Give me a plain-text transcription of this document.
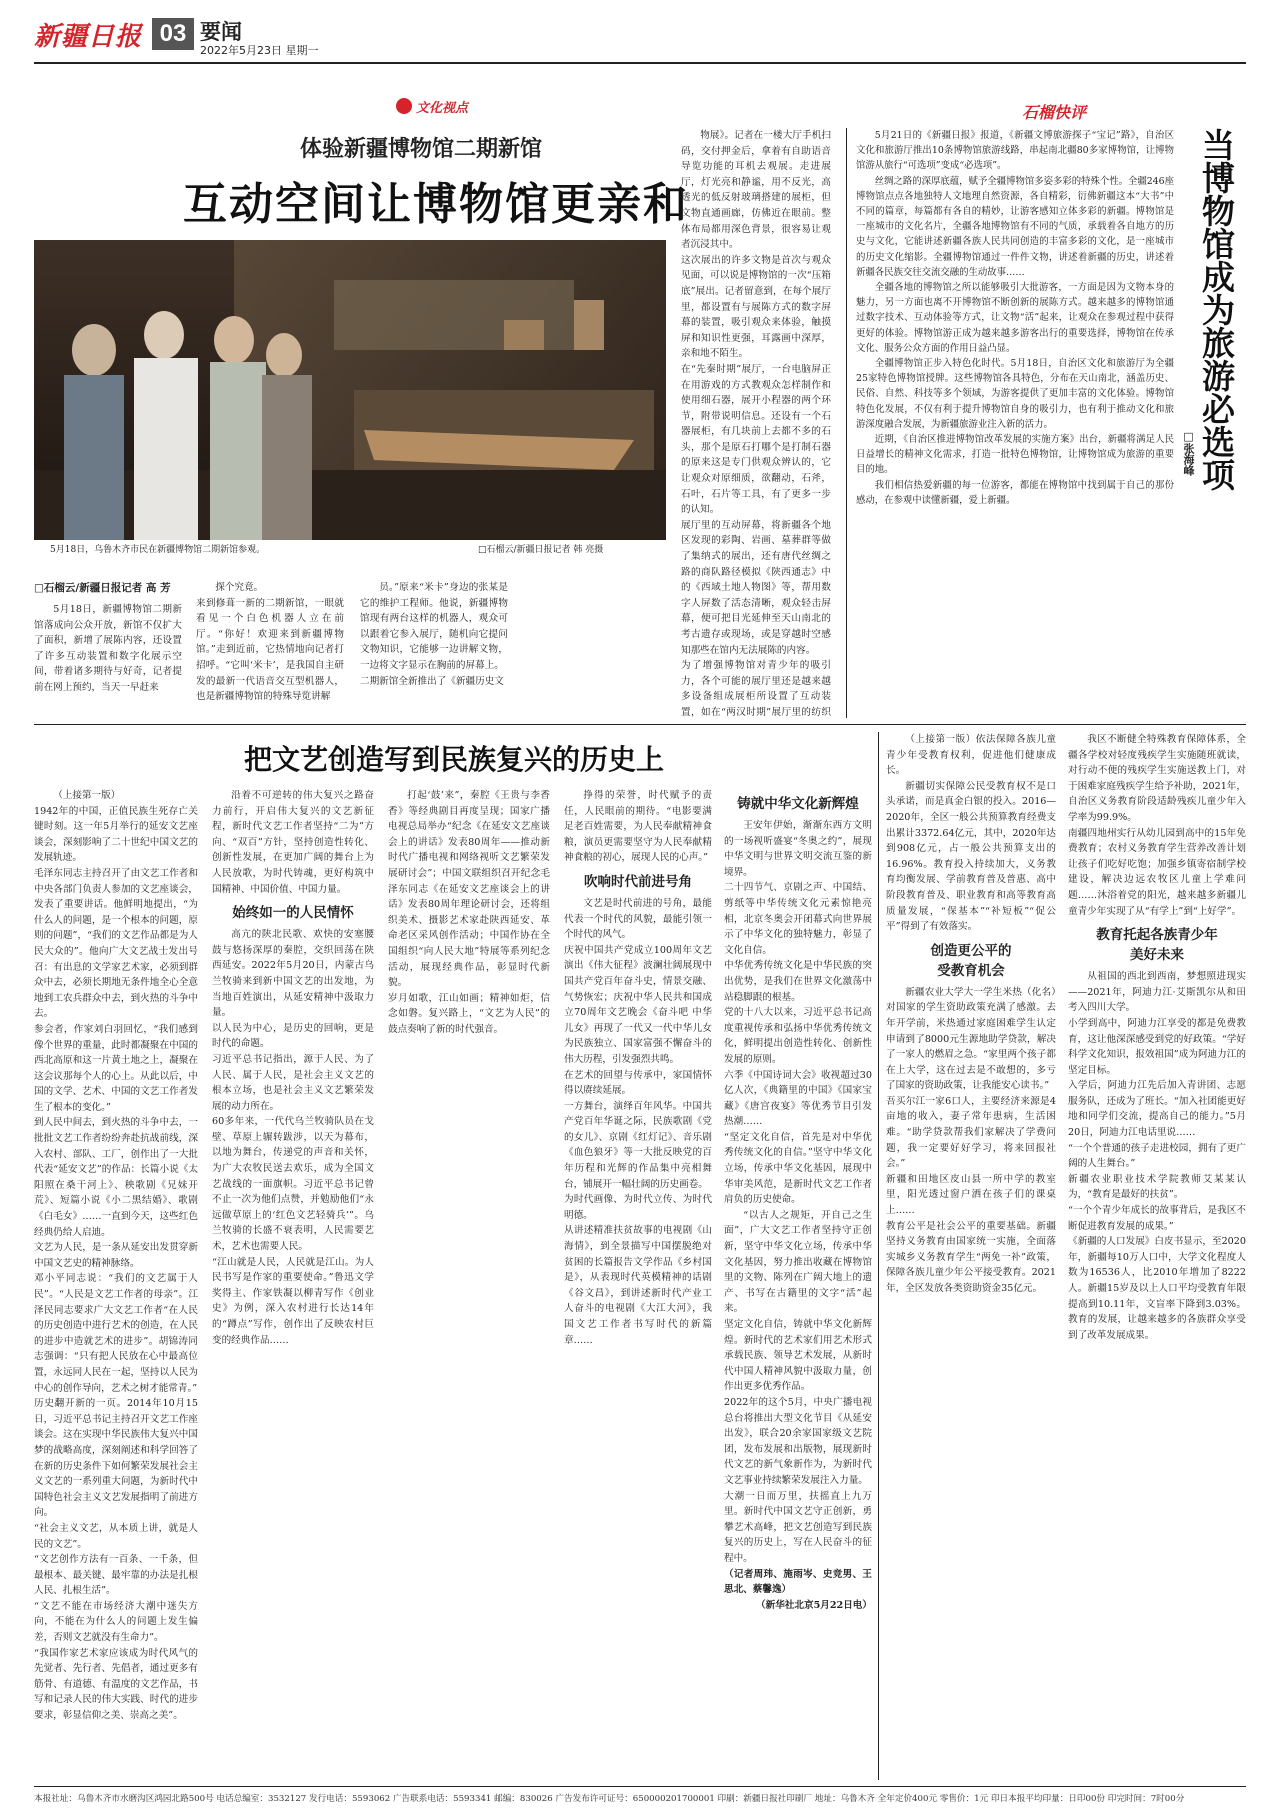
新疆日报 03 要闻
2022年5月23日 星期一
文化视点
体验新疆博物馆二期新馆
互动空间让博物馆更亲和
5月18日，乌鲁木齐市民在新疆博物馆二期新馆参观。	□石榴云/新疆日报记者 韩 亮摄
□石榴云/新疆日报记者 高 芳

5月18日，新疆博物馆二期新馆落成向公众开放，新馆不仅扩大了面积，新增了展陈内容，还设置了许多互动装置和数字化展示空间，带着诸多期待与好奇，记者提前在网上预约，当天一早赶来

探个究竟。
来到修葺一新的二期新馆，一眼就看见一个白色机器人立在前厅。“你好！欢迎来到新疆博物馆。”走到近前，它热情地向记者打招呼。“它叫‘米卡’，是我国自主研发的最新一代语音交互型机器人，也是新疆博物馆的特殊导览讲解

员。”原来“米卡”身边的张某是它的维护工程师。他说，新疆博物馆现有两台这样的机器人，观众可以跟着它参入展厅，随机向它提问文物知识，它能够一边讲解文物，一边将文字显示在胸前的屏幕上。
二期新馆全新推出了《新疆历史文

物展》。记者在一楼大厅手机扫码，交付押金后，拿着有自助语音导览功能的耳机去观展。走进展厅，灯光亮和静谧，用不反光，高透光的低反射玻璃搭建的展柜，但文物直通画廊，仿佛近在眼前。整体布局都用深色背景，很容易让观者沉浸其中。
这次展出的许多文物是首次与观众见面，可以说是博物馆的一次“压箱底”展出。记者留意到，在每个展厅里，都设置有与展陈方式的数字屏幕的装置，吸引观众来体验，触摸屏和知识性更强，耳露画中深厚，亲和地不陌生。
在“先秦时期”展厅，一台电脑屏正在用游戏的方式教观众怎样制作和使用细石器，展开小程器的两个环节，附带说明信息。还设有一个石器展柜，有几块前上去都不多的石头，那个是原石打哪个是打制石器的原来这是专门供观众辨认的，它让观众对原细质，欲翻动，石斧，石叶，石片等工具，有了更多一步的认知。
展厅里的互动屏幕，将新疆各个地区发现的彩陶、岩画、墓葬群等做了集纳式的展出，还有唐代丝绸之路的商队路径模拟《陕西通志》中的《西域土地人物图》等，帮用数字人屏数了活态清晰，观众轻击屏幕，便可把目光延伸至天山南北的考古遗存或现场，或是穿越时空感知那些在馆内无法展陈的内容。
为了增强博物馆对青少年的吸引力，各个可能的展厅里还是越来越多设备组成展柜所设置了互动装置，如在“两汉时期”展厅里的纺织

石榴快评

5月21日的《新疆日报》报道，《新疆文博旅游探子“宝记”路》，自治区文化和旅游厅推出10条博物馆旅游线路，串起南北疆80多家博物馆，让博物馆游从旅行“可选项”变成“必选项”。

丝绸之路的深厚底蕴，赋予全疆博物馆多姿多彩的特殊个性。全疆246座博物馆点点各地独特人文地理自然资源，各自精彩，衍佛新疆这本“大书”中不同的篇章，每篇都有各自的精妙，让游客感知立体多彩的新疆。博物馆是一座城市的文化名片，全疆各地博物馆有不同的气质，承载着各自地方的历史与文化，它能讲述新疆各族人民共同创造的丰富多彩的文化，是一座城市的历史文化缩影。全疆博物馆通过一件件文物，讲述着新疆的历史，讲述着新疆各民族交往交流交融的生动故事……

全疆各地的博物馆之所以能够吸引大批游客，一方面是因为文物本身的魅力，另一方面也离不开博物馆不断创新的展陈方式。越来越多的博物馆通过数字技术、互动体验等方式，让文物“活”起来，让观众在参观过程中获得更好的体验。博物馆游正成为越来越多游客出行的重要选择，博物馆在传承文化、服务公众方面的作用日益凸显。

全疆博物馆正步入特色化时代。5月18日，自治区文化和旅游厅为全疆25家特色博物馆授牌。这些博物馆各具特色，分布在天山南北，涵盖历史、民俗、自然、科技等多个领域，为游客提供了更加丰富的文化体验。博物馆特色化发展，不仅有利于提升博物馆自身的吸引力，也有利于推动文化和旅游深度融合发展，为新疆旅游业注入新的活力。

近期，《自治区推进博物馆改革发展的实施方案》出台，新疆将满足人民日益增长的精神文化需求，打造一批特色博物馆，让博物馆成为旅游的重要目的地。

我们相信热爱新疆的每一位游客，都能在博物馆中找到属于自己的那份感动，在参观中读懂新疆，爱上新疆。

当博物馆成为旅游必选项
□张海峰
把文艺创造写到民族复兴的历史上

（上接第一版）
1942年的中国，正值民族生死存亡关键时刻。这一年5月举行的延安文艺座谈会，深刻影响了二十世纪中国文艺的发展轨迹。
毛泽东同志主持召开了由文艺工作者和中央各部门负责人参加的文艺座谈会，发表了重要讲话。他鲜明地提出，“为什么人的问题，是一个根本的问题，原则的问题”，“我们的文艺作品都是为人民大众的”。他向广大文艺战士发出号召：有出息的文学家艺术家，必须到群众中去，必须长期地无条件地全心全意地到工农兵群众中去，到火热的斗争中去。
参会者，作家刘白羽回忆，“我们感到像个世界的重量，此时都凝聚在中国的西北高原和这一片黄土地之上，凝聚在这会议那每个人的心上。从此以后，中国的文学、艺术、中国的文艺工作者发生了根本的变化。”
到人民中间去，到火热的斗争中去，一批批文艺工作者纷纷奔赴抗战前线，深入农村、部队、工厂，创作出了一大批代表“延安文艺”的作品：长篇小说《太阳照在桑干河上》、秧歌剧《兄妹开荒》、短篇小说《小二黑结婚》、歌剧《白毛女》……一直到今天，这些红色经典仍给人启迪。
文艺为人民，是一条从延安出发贯穿新中国文艺史的精神脉络。
邓小平同志说：“我们的文艺属于人民”。“人民是文艺工作者的母亲”。江泽民同志要求广大文艺工作者“在人民的历史创造中进行艺术的创造，在人民的进步中造就艺术的进步”。胡锦涛同志强调：“只有把人民放在心中最高位置，永远同人民在一起，坚持以人民为中心的创作导向，艺术之树才能常青。”
历史翻开新的一页。2014年10月15日，习近平总书记主持召开文艺工作座谈会。这在实现中华民族伟大复兴中国梦的战略高度，深刻阐述和科学回答了在新的历史条件下如何繁荣发展社会主义文艺的一系列重大问题，为新时代中国特色社会主义文艺发展指明了前进方向。
“社会主义文艺，从本质上讲，就是人民的文艺”。
“文艺创作方法有一百条、一千条，但最根本、最关键、最牢靠的办法是扎根人民、扎根生活”。
“文艺不能在市场经济大潮中迷失方向，不能在为什么人的问题上发生偏差，否则文艺就没有生命力”。
“我国作家艺术家应该成为时代风气的先觉者、先行者、先倡者，通过更多有筋骨、有道德、有温度的文艺作品，书写和记录人民的伟大实践、时代的进步要求，彰显信仰之美、崇高之美”。

沿着不可逆转的伟大复兴之路奋力前行，开启伟大复兴的文艺新征程，新时代文艺工作者坚持“二为”方向、“双百”方针，坚持创造性转化、创新性发展，在更加广阔的舞台上为人民放歌，为时代铸魂，更好构筑中国精神、中国价值、中国力量。

始终如一的人民情怀

高亢的陕北民歌、欢快的安塞腰鼓与悠扬深厚的秦腔，交织回荡在陕西延安。2022年5月20日，内蒙古乌兰牧骑来到新中国文艺的出发地，为当地百姓演出，从延安精神中汲取力量。
以人民为中心，是历史的回响，更是时代的命题。
习近平总书记指出，源于人民、为了人民、属于人民，是社会主义文艺的根本立场，也是社会主义文艺繁荣发展的动力所在。
60多年来，一代代乌兰牧骑队员在戈壁、草原上辗转跋涉，以天为幕布，以地为舞台，传递党的声音和关怀，为广大农牧民送去欢乐，成为全国文艺战线的一面旗帜。习近平总书记曾不止一次为他们点赞，并勉励他们“永远做草原上的‘红色文艺轻骑兵’”。乌兰牧骑的长盛不衰表明，人民需要艺术，艺术也需要人民。
“江山就是人民，人民就是江山。为人民书写是作家的重要使命。”鲁迅文学奖得主、作家铁凝以柳青写作《创业史》为例，深入农村进行长达14年的“蹲点”写作，创作出了反映农村巨变的经典作品……

打起‘鼓’来”，秦腔《王贵与李香香》等经典剧目再度呈现；国家广播电视总局举办“纪念《在延安文艺座谈会上的讲话》发表80周年——推动新时代广播电视和网络视听文艺繁荣发展研讨会”；中国文联组织召开纪念毛泽东同志《在延安文艺座谈会上的讲话》发表80周年理论研讨会，还将组织美术、摄影艺术家赴陕西延安、革命老区采风创作活动；中国作协在全国组织“向人民大地”特展等系列纪念活动，展现经典作品，彰显时代新貌。
岁月如歌，江山如画；精神如炬，信念如磐。复兴路上，“文艺为人民”的鼓点奏响了新的时代强音。

挣得的荣誉，时代赋予的责任，人民眼前的期待。“电影要满足老百姓需要，为人民奉献精神食粮，演员更需要坚守为人民奉献精神食粮的初心，展现人民的心声。”

吹响时代前进号角

文艺是时代前进的号角，最能代表一个时代的风貌，最能引领一个时代的风气。
庆祝中国共产党成立100周年文艺演出《伟大征程》波澜壮阔展现中国共产党百年奋斗史，情景交融、气势恢宏；庆祝中华人民共和国成立70周年文艺晚会《奋斗吧 中华儿女》再现了一代又一代中华儿女为民族独立、国家富强不懈奋斗的伟大历程，引发强烈共鸣。
在艺术的回望与传承中，家国情怀得以赓续延展。
一方舞台，演绎百年风华。中国共产党百年华诞之际，民族歌剧《党的女儿》、京剧《红灯记》、音乐剧《血色狼牙》等一大批反映党的百年历程和光辉的作品集中亮相舞台，铺展开一幅壮阔的历史画卷。
为时代画像、为时代立传、为时代明德。
从讲述精准扶贫故事的电视剧《山海情》，到全景描写中国摆脱绝对贫困的长篇报告文学作品《乡村国是》，从表现时代英模精神的话剧《谷文昌》，到讲述新时代产业工人奋斗的电视剧《大江大河》，我国文艺工作者书写时代的新篇章……

铸就中华文化新辉煌

王安年伊始，渐渐东西方文明的一场视听盛宴“冬奥之约”，展现中华文明与世界文明交流互鉴的新境界。
二十四节气、京剧之声、中国结、剪纸等中华传统文化元素惊艳亮相，北京冬奥会开闭幕式向世界展示了中华文化的独特魅力，彰显了文化自信。
中华优秀传统文化是中华民族的突出优势，是我们在世界文化激荡中站稳脚跟的根基。
党的十八大以来，习近平总书记高度重视传承和弘扬中华优秀传统文化，鲜明提出创造性转化、创新性发展的原则。
六季《中国诗词大会》收视超过30亿人次，《典籍里的中国》《国家宝藏》《唐宫夜宴》等优秀节目引发热潮……
“坚定文化自信，首先是对中华优秀传统文化的自信。”坚守中华文化立场，传承中华文化基因，展现中华审美风范，是新时代文艺工作者肩负的历史使命。

“以古人之规矩，开自己之生面”，广大文艺工作者坚持守正创新，坚守中华文化立场，传承中华文化基因，努力推出收藏在博物馆里的文物、陈列在广阔大地上的遗产、书写在古籍里的文字“活”起来。
坚定文化自信，铸就中华文化新辉煌。新时代的艺术家们用艺术形式承载民族、领导艺术发展，从新时代中国人精神风貌中汲取力量，创作出更多优秀作品。
2022年的这个5月，中央广播电视总台将推出大型文化节目《从延安出发》，联合20余家国家级文艺院团，发布发展和出版物，展现新时代文艺的新气象新作为，为新时代文艺事业持续繁荣发展注入力量。
大潮一日而万里，扶摇直上九万里。新时代中国文艺守正创新，勇攀艺术高峰，把文艺创造写到民族复兴的历史上，写在人民奋斗的征程中。

（记者周玮、施雨岑、史竞男、王思北、蔡馨逸）

（新华社北京5月22日电）

（上接第一版）依法保障各族儿童青少年受教育权利，促进他们健康成长。

新疆切实保障公民受教育权不是口头承诺，而是真金白银的投入。2016—2020年，全区一般公共预算教育经费支出累计3372.64亿元，其中，2020年达到908亿元，占一般公共预算支出的16.96%。教育投入持续加大，义务教育均衡发展、学前教育普及普惠、高中阶段教育普及、职业教育和高等教育高质量发展，“保基本”“补短板”“促公平”得到了有效落实。

创造更公平的
受教育机会

新疆农业大学大一学生米热（化名）对国家的学生资助政策充满了感激。去年开学前，米热通过家庭困难学生认定申请到了8000元生源地助学贷款，解决了一家人的燃眉之急。“家里两个孩子都在上大学，这在过去是不敢想的，多亏了国家的资助政策，让我能安心读书。”
吾买尔江一家6口人，主要经济来源是4亩地的收入，妻子常年患病，生活困难。“助学贷款帮我们家解决了学费问题，我一定要好好学习，将来回报社会。”
新疆和田地区皮山县一所中学的教室里，阳光透过窗户洒在孩子们的课桌上……
教育公平是社会公平的重要基础。新疆坚持义务教育由国家统一实施，全面落实城乡义务教育学生“两免一补”政策，保障各族儿童少年公平接受教育。2021年，全区发放各类资助资金35亿元。

我区不断健全特殊教育保障体系，全疆各学校对轻度残疾学生实施随班就读，对行动不便的残疾学生实施送教上门，对于困难家庭残疾学生给予补助，2021年，自治区义务教育阶段适龄残疾儿童少年入学率为99.9%。
南疆四地州实行从幼儿园到高中的15年免费教育；农村义务教育学生营养改善计划让孩子们吃好吃饱；加强乡镇寄宿制学校建设，解决边远农牧区儿童上学难问题……沐浴着党的阳光，越来越多新疆儿童青少年实现了从“有学上”到“上好学”。

教育托起各族青少年
美好未来

从祖国的西北到西南，梦想照进现实——2021年，阿迪力江·艾斯凯尔从和田考入四川大学。
小学到高中，阿迪力江享受的都是免费教育，这让他深深感受到党的好政策。“学好科学文化知识，报效祖国”成为阿迪力江的坚定目标。
入学后，阿迪力江先后加入青讲团、志愿服务队，还成为了班长。“加入社团能更好地和同学们交流，提高自己的能力。”5月20日，阿迪力江电话里说……
“一个个普通的孩子走进校园，拥有了更广阔的人生舞台。”
新疆农业职业技术学院教师艾某某认为，“教育是最好的扶贫”。
“一个个青少年成长的故事背后，是我区不断促进教育发展的成果。”
《新疆的人口发展》白皮书显示，至2020年，新疆每10万人口中，大学文化程度人数为16536人，比2010年增加了8222人。新疆15岁及以上人口平均受教育年限提高到10.11年，文盲率下降到3.03%。教育的发展，让越来越多的各族群众享受到了改革发展成果。

本报社址：乌鲁木齐市水磨沟区鸿园北路500号 电话总编室：3532127 发行电话：5593062 广告联系电话：5593341 邮编：830026 广告发布许可证号：650000201700001 印刷：新疆日报社印刷厂 地址：乌鲁木齐 全年定价400元 零售价：1元 印日本报平均印量：日印00份 印完时间：7时00分
